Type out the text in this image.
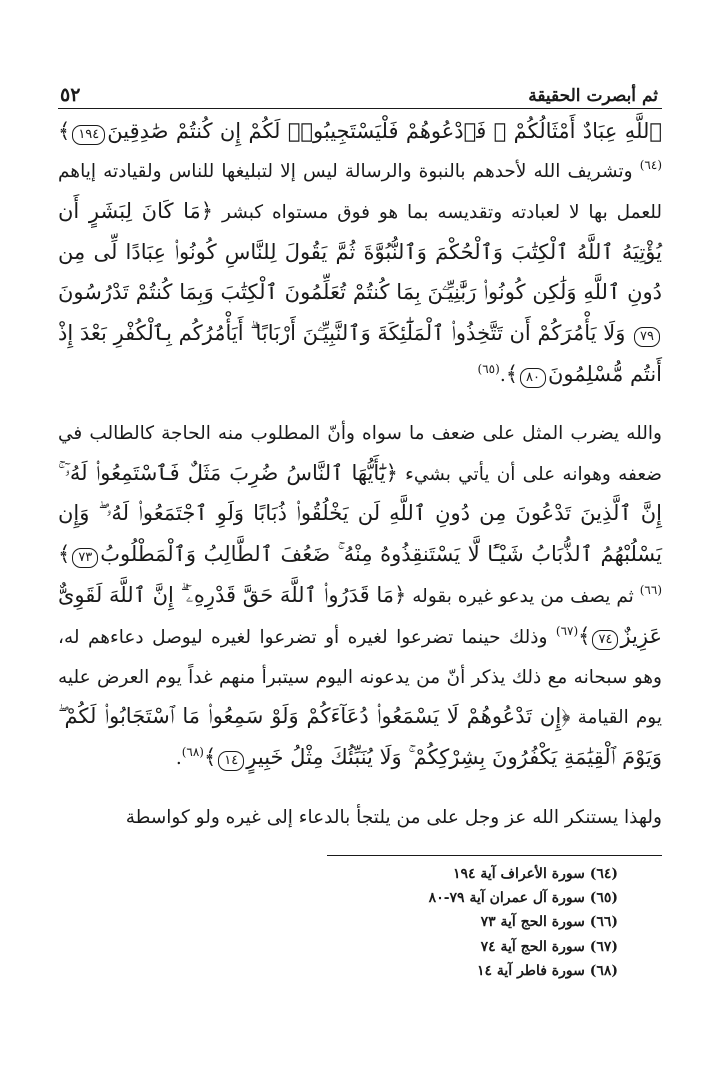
ثم أبصرت الحقيقة
٥٢

ٱللَّهِ عِبَادٌ أَمْثَالُكُمْ ۖ فَٱدْعُوهُمْ فَلْيَسْتَجِيبُوا۟ لَكُمْ إِن كُنتُمْ صَٰدِقِينَ١٩٤﴾$^{(٦٤)}$ وتشريف الله لأحدهم بالنبوة والرسالة ليس إلا لتبليغها للناس ولقيادته إياهم للعمل بها لا لعبادته وتقديسه بما هو فوق مستواه كبشر ﴿مَا كَانَ لِبَشَرٍ أَن يُؤْتِيَهُ ٱللَّهُ ٱلْكِتَٰبَ وَٱلْحُكْمَ وَٱلنُّبُوَّةَ ثُمَّ يَقُولَ لِلنَّاسِ كُونُوا۟ عِبَادًا لِّى مِن دُونِ ٱللَّهِ وَلَٰكِن كُونُوا۟ رَبَّٰنِيِّـۧنَ بِمَا كُنتُمْ تُعَلِّمُونَ ٱلْكِتَٰبَ وَبِمَا كُنتُمْ تَدْرُسُونَ٧٩ وَلَا يَأْمُرَكُمْ أَن تَتَّخِذُوا۟ ٱلْمَلَٰٓئِكَةَ وَٱلنَّبِيِّـۧنَ أَرْبَابًا ۗ أَيَأْمُرُكُم بِٱلْكُفْرِ بَعْدَ إِذْ أَنتُم مُّسْلِمُونَ٨٠﴾.$^{(٦٥)}$

والله يضرب المثل على ضعف ما سواه وأنّ المطلوب منه الحاجة كالطالب في ضعفه وهوانه على أن يأتي بشيء ﴿يَٰٓأَيُّهَا ٱلنَّاسُ ضُرِبَ مَثَلٌ فَٱسْتَمِعُوا۟ لَهُۥٓ ۚ إِنَّ ٱلَّذِينَ تَدْعُونَ مِن دُونِ ٱللَّهِ لَن يَخْلُقُوا۟ ذُبَابًا وَلَوِ ٱجْتَمَعُوا۟ لَهُۥ ۖ وَإِن يَسْلُبْهُمُ ٱلذُّبَابُ شَيْـًٔا لَّا يَسْتَنقِذُوهُ مِنْهُ ۚ ضَعُفَ ٱلطَّالِبُ وَٱلْمَطْلُوبُ٧٣﴾$^{(٦٦)}$ ثم يصف من يدعو غيره بقوله ﴿مَا قَدَرُوا۟ ٱللَّهَ حَقَّ قَدْرِهِۦٓ ۗ إِنَّ ٱللَّهَ لَقَوِىٌّ عَزِيزٌ٧٤﴾$^{(٦٧)}$ وذلك حينما تضرعوا لغيره أو تضرعوا لغيره ليوصل دعاءهم له، وهو سبحانه مع ذلك يذكر أنّ من يدعونه اليوم سيتبرأ منهم غداً يوم العرض عليه يوم القيامة ﴿إِن تَدْعُوهُمْ لَا يَسْمَعُوا۟ دُعَآءَكُمْ وَلَوْ سَمِعُوا۟ مَا ٱسْتَجَابُوا۟ لَكُمْ ۖ وَيَوْمَ ٱلْقِيَٰمَةِ يَكْفُرُونَ بِشِرْكِكُمْ ۚ وَلَا يُنَبِّئُكَ مِثْلُ خَبِيرٍ١٤﴾$^{(٦٨)}$.

ولهذا يستنكر الله عز وجل على من يلتجأ بالدعاء إلى غيره ولو كواسطة

(٦٤) سورة الأعراف آية ١٩٤
(٦٥) سورة آل عمران آية ٧٩-٨٠
(٦٦) سورة الحج آية ٧٣
(٦٧) سورة الحج آية ٧٤
(٦٨) سورة فاطر آية ١٤
